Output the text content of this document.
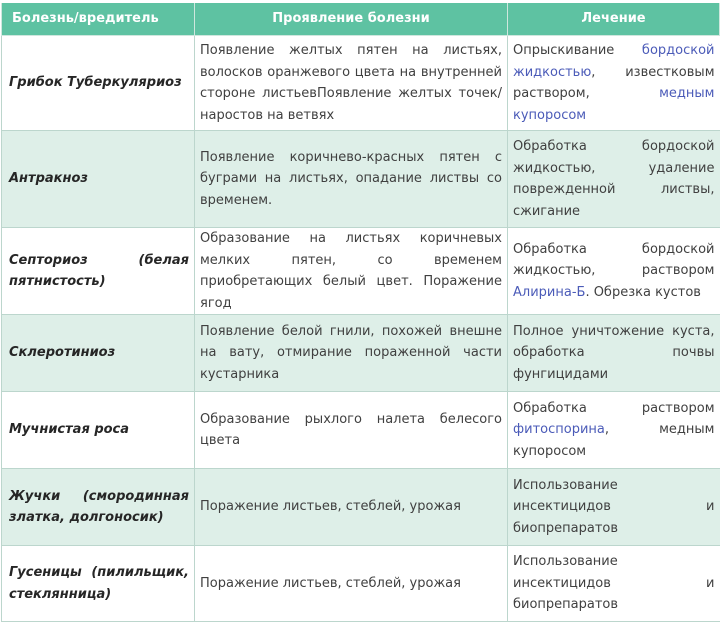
Болезнь/вредитель	Проявление болезни	Лечение
Грибок Туберкуляриоз	Появление желтых пятен на листьях, волосков оранжевого цвета на внутренней стороне листьевПоявление желтых точек/наростов на ветвях	Опрыскивание бордоской жидкостью, известковым раствором, медным купоросом
Антракноз	Появление коричнево-красных пятен с буграми на листьях, опадание листвы со временем.	Обработка бордоской жидкостью, удаление поврежденной листвы, сжигание
Септориоз (белая пятнистость)	Образование на листьях коричневых мелких пятен, со временем приобретающих белый цвет. Поражение ягод	Обработка бордоской жидкостью, раствором Алирина-Б. Обрезка кустов
Склеротиниоз	Появление белой гнили, похожей внешне на вату, отмирание пораженной части кустарника	Полное уничтожение куста, обработка почвы фунгицидами
Мучнистая роса	Образование рыхлого налета белесого цвета	Обработка раствором фитоспорина, медным купоросом
Жучки (смородинная златка, долгоносик)	Поражение листьев, стеблей, урожая	Использование инсектицидов и биопрепаратов
Гусеницы (пилильщик, стеклянница)	Поражение листьев, стеблей, урожая	Использование инсектицидов и биопрепаратов
